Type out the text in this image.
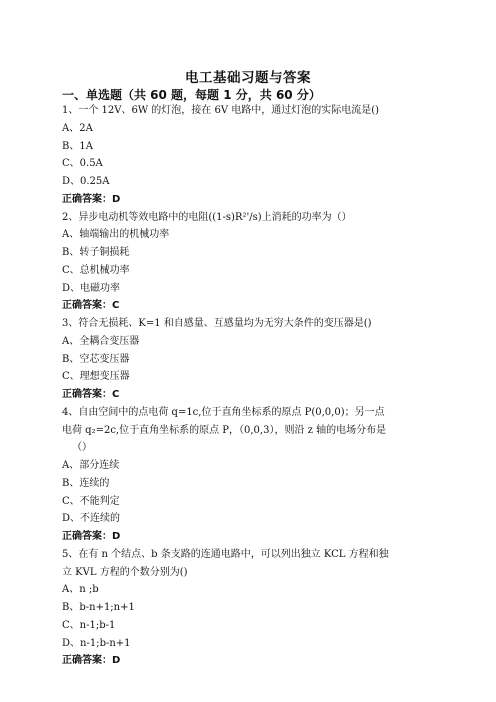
电工基础习题与答案
一、单选题（共 60 题，每题 1 分，共 60 分）
1、一个 12V、6W 的灯泡，接在 6V 电路中，通过灯泡的实际电流是()
A、2A
B、1A
C、0.5A
D、0.25A
正确答案：D
2、异步电动机等效电路中的电阻((1-s)R²'/s)上消耗的功率为（）
A、轴端输出的机械功率
B、转子铜损耗
C、总机械功率
D、电磁功率
正确答案：C
3、符合无损耗、K=1 和自感量、互感量均为无穷大条件的变压器是()
A、全耦合变压器
B、空芯变压器
C、理想变压器
正确答案：C
4、自由空间中的点电荷 q=1c,位于直角坐标系的原点 P(0,0,0)；另一点
电荷 q₂=2c,位于直角坐标系的原点 P，（0,0,3），则沿 z 轴的电场分布是
（）
A、部分连续
B、连续的
C、不能判定
D、不连续的
正确答案：D
5、在有 n 个结点、b 条支路的连通电路中，可以列出独立 KCL 方程和独
立 KVL 方程的个数分别为()
A、n ;b
B、b-n+1;n+1
C、n-1;b-1
D、n-1;b-n+1
正确答案：D
